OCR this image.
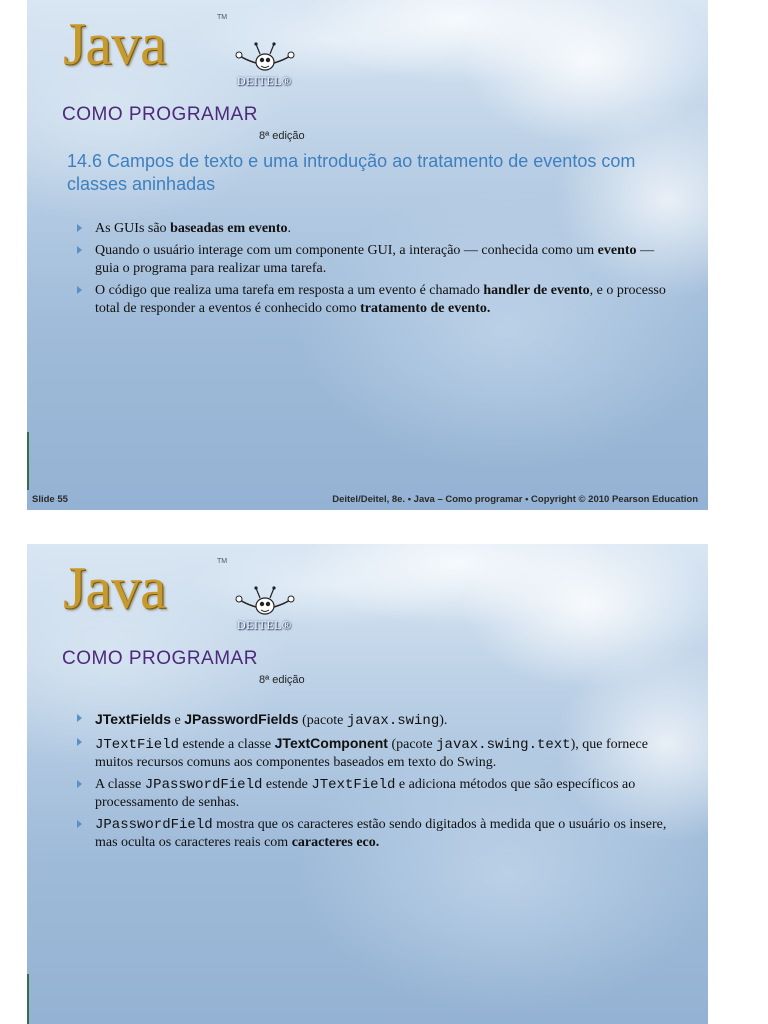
Java	TM
DEITEL®
COMO PROGRAMAR
8ª edição
14.6 Campos de texto e uma introdução ao tratamento de eventos com classes aninhadas
As GUIs são baseadas em evento.
Quando o usuário interage com um componente GUI, a interação — conhecida como um evento — guia o programa para realizar uma tarefa.
O código que realiza uma tarefa em resposta a um evento é chamado handler de evento, e o processo total de responder a eventos é conhecido como tratamento de evento.
Slide 55	Deitel/Deitel, 8e. • Java – Como programar • Copyright © 2010 Pearson Education
Java	TM
DEITEL®
COMO PROGRAMAR
8ª edição
JTextFields e JPasswordFields (pacote javax.swing).
JTextField estende a classe JTextComponent (pacote javax.swing.text), que fornece muitos recursos comuns aos componentes baseados em texto do Swing.
A classe JPasswordField estende JTextField e adiciona métodos que são específicos ao processamento de senhas.
JPasswordField mostra que os caracteres estão sendo digitados à medida que o usuário os insere, mas oculta os caracteres reais com caracteres eco.
